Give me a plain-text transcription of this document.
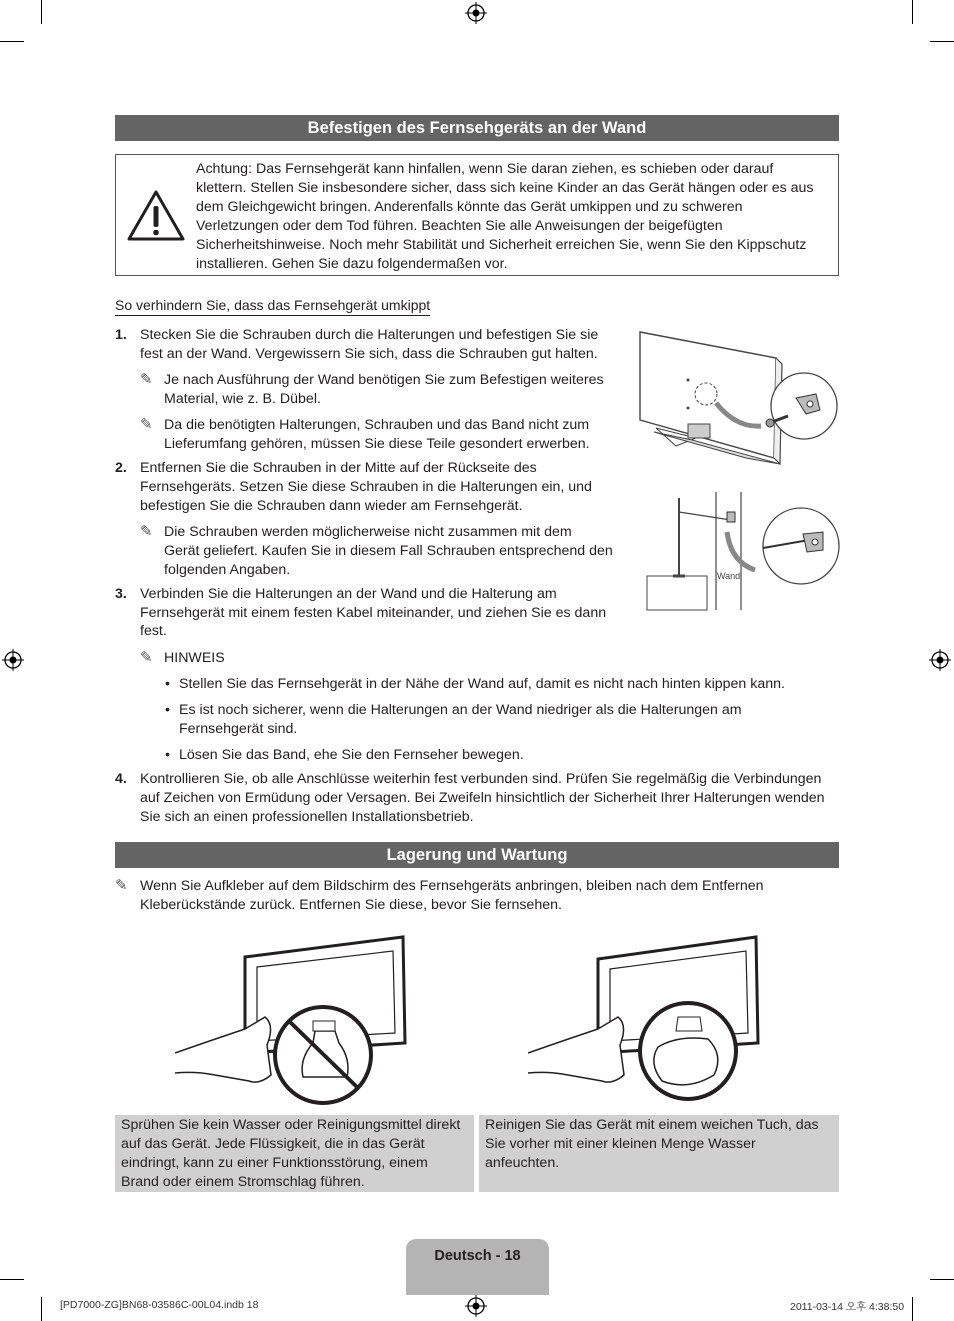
Befestigen des Fernsehgeräts an der Wand
Achtung: Das Fernsehgerät kann hinfallen, wenn Sie daran ziehen, es schieben oder darauf klettern. Stellen Sie insbesondere sicher, dass sich keine Kinder an das Gerät hängen oder es aus dem Gleichgewicht bringen. Anderenfalls könnte das Gerät umkippen und zu schweren Verletzungen oder dem Tod führen. Beachten Sie alle Anweisungen der beigefügten Sicherheitshinweise. Noch mehr Stabilität und Sicherheit erreichen Sie, wenn Sie den Kippschutz installieren. Gehen Sie dazu folgendermaßen vor.
So verhindern Sie, dass das Fernsehgerät umkippt
1. Stecken Sie die Schrauben durch die Halterungen und befestigen Sie sie
fest an der Wand. Vergewissern Sie sich, dass die Schrauben gut halten.
✎ Je nach Ausführung der Wand benötigen Sie zum Befestigen weiteres
Material, wie z. B. Dübel.
✎ Da die benötigten Halterungen, Schrauben und das Band nicht zum
Lieferumfang gehören, müssen Sie diese Teile gesondert erwerben.
2. Entfernen Sie die Schrauben in der Mitte auf der Rückseite des
Fernsehgeräts. Setzen Sie diese Schrauben in die Halterungen ein, und
befestigen Sie die Schrauben dann wieder am Fernsehgerät.
✎ Die Schrauben werden möglicherweise nicht zusammen mit dem
Gerät geliefert. Kaufen Sie in diesem Fall Schrauben entsprechend den
folgenden Angaben.
3. Verbinden Sie die Halterungen an der Wand und die Halterung am
Fernsehgerät mit einem festen Kabel miteinander, und ziehen Sie es dann
fest.
✎ HINWEIS
• Stellen Sie das Fernsehgerät in der Nähe der Wand auf, damit es nicht nach hinten kippen kann.
• Es ist noch sicherer, wenn die Halterungen an der Wand niedriger als die Halterungen am
Fernsehgerät sind.
• Lösen Sie das Band, ehe Sie den Fernseher bewegen.
4. Kontrollieren Sie, ob alle Anschlüsse weiterhin fest verbunden sind. Prüfen Sie regelmäßig die Verbindungen
auf Zeichen von Ermüdung oder Versagen. Bei Zweifeln hinsichtlich der Sicherheit Ihrer Halterungen wenden
Sie sich an einen professionellen Installationsbetrieb.
Wand
Lagerung und Wartung
✎ Wenn Sie Aufkleber auf dem Bildschirm des Fernsehgeräts anbringen, bleiben nach dem Entfernen
Kleberückstände zurück. Entfernen Sie diese, bevor Sie fernsehen.
Sprühen Sie kein Wasser oder Reinigungsmittel direkt auf das Gerät. Jede Flüssigkeit, die in das Gerät eindringt, kann zu einer Funktionsstörung, einem Brand oder einem Stromschlag führen.
Reinigen Sie das Gerät mit einem weichen Tuch, das Sie vorher mit einer kleinen Menge Wasser anfeuchten.
Deutsch - 18
[PD7000-ZG]BN68-03586C-00L04.indb 18	2011-03-14 오후 4:38:50
